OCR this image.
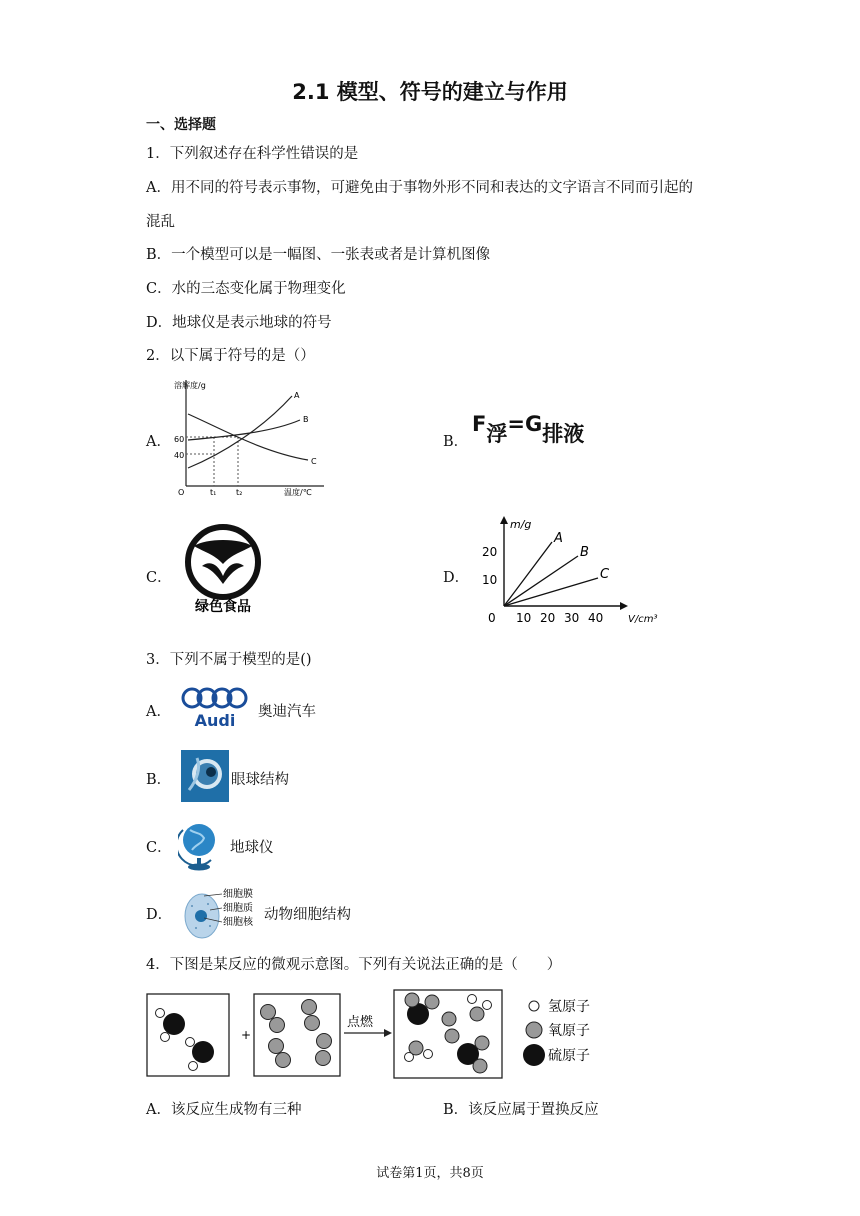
2.1 模型、符号的建立与作用
一、选择题
1．下列叙述存在科学性错误的是
A．用不同的符号表示事物，可避免由于事物外形不同和表达的文字语言不同而引起的
混乱
B．一个模型可以是一幅图、一张表或者是计算机图像
C．水的三态变化属于物理变化
D．地球仪是表示地球的符号
2．以下属于符号的是（）
A．
溶解度/g
温度/℃
60
40
O	t₁ t₂
A
B
C
B．
F浮=G排液
C．
绿色食品
D．
m/g
V/cm³
20
10
0 10 20 30 40
A
B
C
3．下列不属于模型的是()
A． Audi 奥迪汽车
B．	眼球结构
C．	地球仪
D．
细胞膜
细胞质
细胞核 动物细胞结构
4．下图是某反应的微观示意图。下列有关说法正确的是（　　）
+
点燃
氢原子
氧原子
硫原子
A．该反应生成物有三种	B．该反应属于置换反应
试卷第1页，共8页
